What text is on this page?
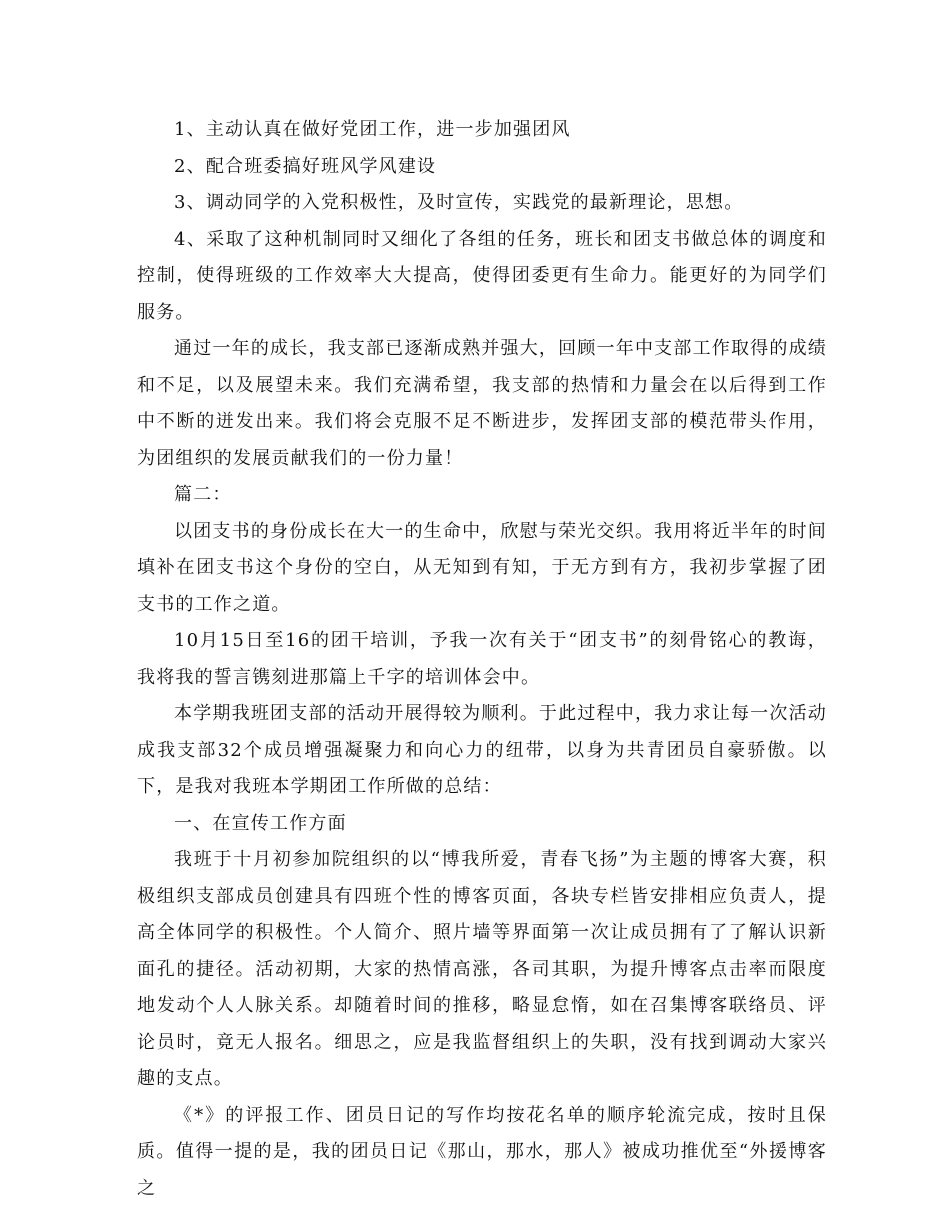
1、主动认真在做好党团工作，进一步加强团风

2、配合班委搞好班风学风建设

3、调动同学的入党积极性，及时宣传，实践党的最新理论，思想。

4、采取了这种机制同时又细化了各组的任务，班长和团支书做总体的调度和控制，使得班级的工作效率大大提高，使得团委更有生命力。能更好的为同学们服务。

通过一年的成长，我支部已逐渐成熟并强大，回顾一年中支部工作取得的成绩和不足，以及展望未来。我们充满希望，我支部的热情和力量会在以后得到工作中不断的迸发出来。我们将会克服不足不断进步，发挥团支部的模范带头作用，为团组织的发展贡献我们的一份力量！

篇二：

以团支书的身份成长在大一的生命中，欣慰与荣光交织。我用将近半年的时间填补在团支书这个身份的空白，从无知到有知，于无方到有方，我初步掌握了团支书的工作之道。

10月15日至16的团干培训，予我一次有关于“团支书”的刻骨铭心的教诲，我将我的誓言镌刻进那篇上千字的培训体会中。

本学期我班团支部的活动开展得较为顺利。于此过程中，我力求让每一次活动成我支部32个成员增强凝聚力和向心力的纽带，以身为共青团员自豪骄傲。以下，是我对我班本学期团工作所做的总结：

一、在宣传工作方面

我班于十月初参加院组织的以“博我所爱，青春飞扬”为主题的博客大赛，积极组织支部成员创建具有四班个性的博客页面，各块专栏皆安排相应负责人，提高全体同学的积极性。个人简介、照片墙等界面第一次让成员拥有了了解认识新面孔的捷径。活动初期，大家的热情高涨，各司其职，为提升博客点击率而限度地发动个人人脉关系。却随着时间的推移，略显怠惰，如在召集博客联络员、评论员时，竟无人报名。细思之，应是我监督组织上的失职，没有找到调动大家兴趣的支点。

《*》的评报工作、团员日记的写作均按花名单的顺序轮流完成，按时且保质。值得一提的是，我的团员日记《那山，那水，那人》被成功推优至“外援博客之
